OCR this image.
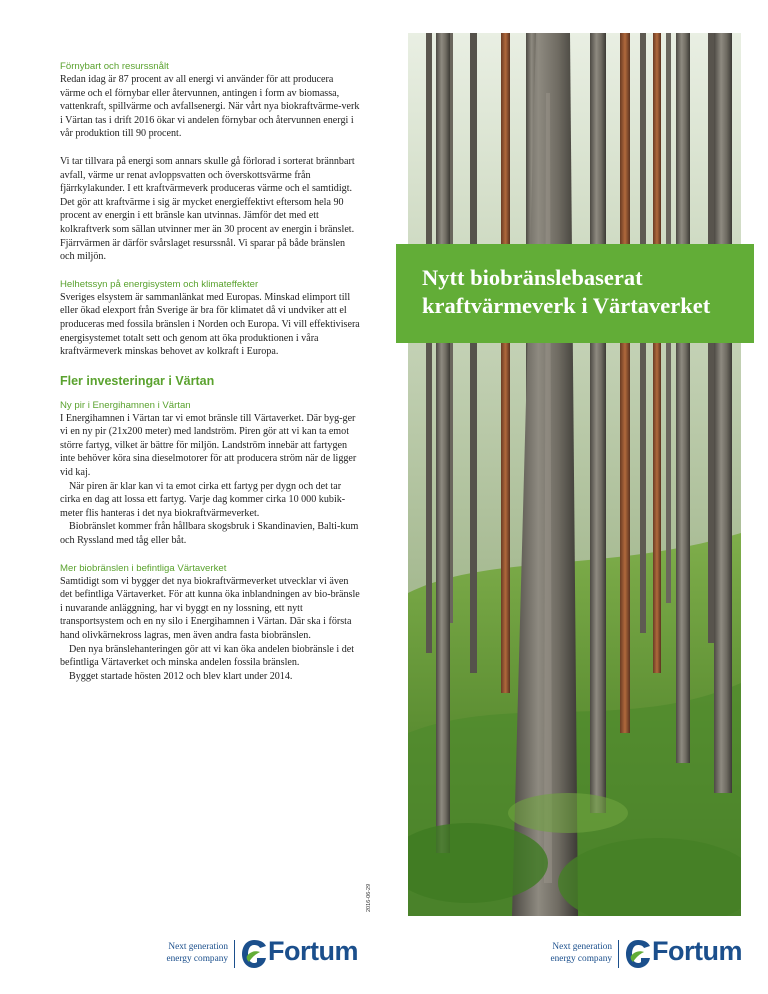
Förnybart och resurssnålt

Redan idag är 87 procent av all energi vi använder för att producera värme och el förnybar eller återvunnen, antingen i form av biomassa, vattenkraft, spillvärme och avfallsenergi. När vårt nya biokraftvärme-verk i Värtan tas i drift 2016 ökar vi andelen förnybar och återvunnen energi i vår produktion till 90 procent.

Vi tar tillvara på energi som annars skulle gå förlorad i sorterat brännbart avfall, värme ur renat avloppsvatten och överskottsvärme från fjärrkylakunder. I ett kraftvärmeverk produceras värme och el samtidigt. Det gör att kraftvärme i sig är mycket energieffektivt eftersom hela 90 procent av energin i ett bränsle kan utvinnas. Jämför det med ett kolkraftverk som sällan utvinner mer än 30 procent av energin i bränslet. Fjärrvärmen är därför svårslaget resurssnål. Vi sparar på både bränslen och miljön.

Helhetssyn på energisystem och klimateffekter

Sveriges elsystem är sammanlänkat med Europas. Minskad elimport till eller ökad elexport från Sverige är bra för klimatet då vi undviker att el produceras med fossila bränslen i Norden och Europa. Vi vill effektivisera energisystemet totalt sett och genom att öka produktionen i våra kraftvärmeverk minskas behovet av kolkraft i Europa.

Fler investeringar i Värtan

Ny pir i Energihamnen i Värtan

I Energihamnen i Värtan tar vi emot bränsle till Värtaverket. Där byg-ger vi en ny pir (21x200 meter) med landström. Piren gör att vi kan ta emot större fartyg, vilket är bättre för miljön. Landström innebär att fartygen inte behöver köra sina dieselmotorer för att producera ström när de ligger vid kaj.

När piren är klar kan vi ta emot cirka ett fartyg per dygn och det tar cirka en dag att lossa ett fartyg. Varje dag kommer cirka 10 000 kubik-meter flis hanteras i det nya biokraftvärmeverket.

Biobränslet kommer från hållbara skogsbruk i Skandinavien, Balti-kum och Ryssland med tåg eller båt.

Mer biobränslen i befintliga Värtaverket

Samtidigt som vi bygger det nya biokraftvärmeverket utvecklar vi även det befintliga Värtaverket. För att kunna öka inblandningen av bio-bränsle i nuvarande anläggning, har vi byggt en ny lossning, ett nytt transportsystem och en ny silo i Energihamnen i Värtan. Där ska i första hand olivkärnekross lagras, men även andra fasta biobränslen.

Den nya bränslehanteringen gör att vi kan öka andelen biobränsle i det befintliga Värtaverket och minska andelen fossila bränslen.

Bygget startade hösten 2012 och blev klart under 2014.

Nytt biobränslebaserat kraftvärmeverk i Värtaverket
2016-06-29
Next generation
energy company Fortum	Next generation
energy company Fortum
